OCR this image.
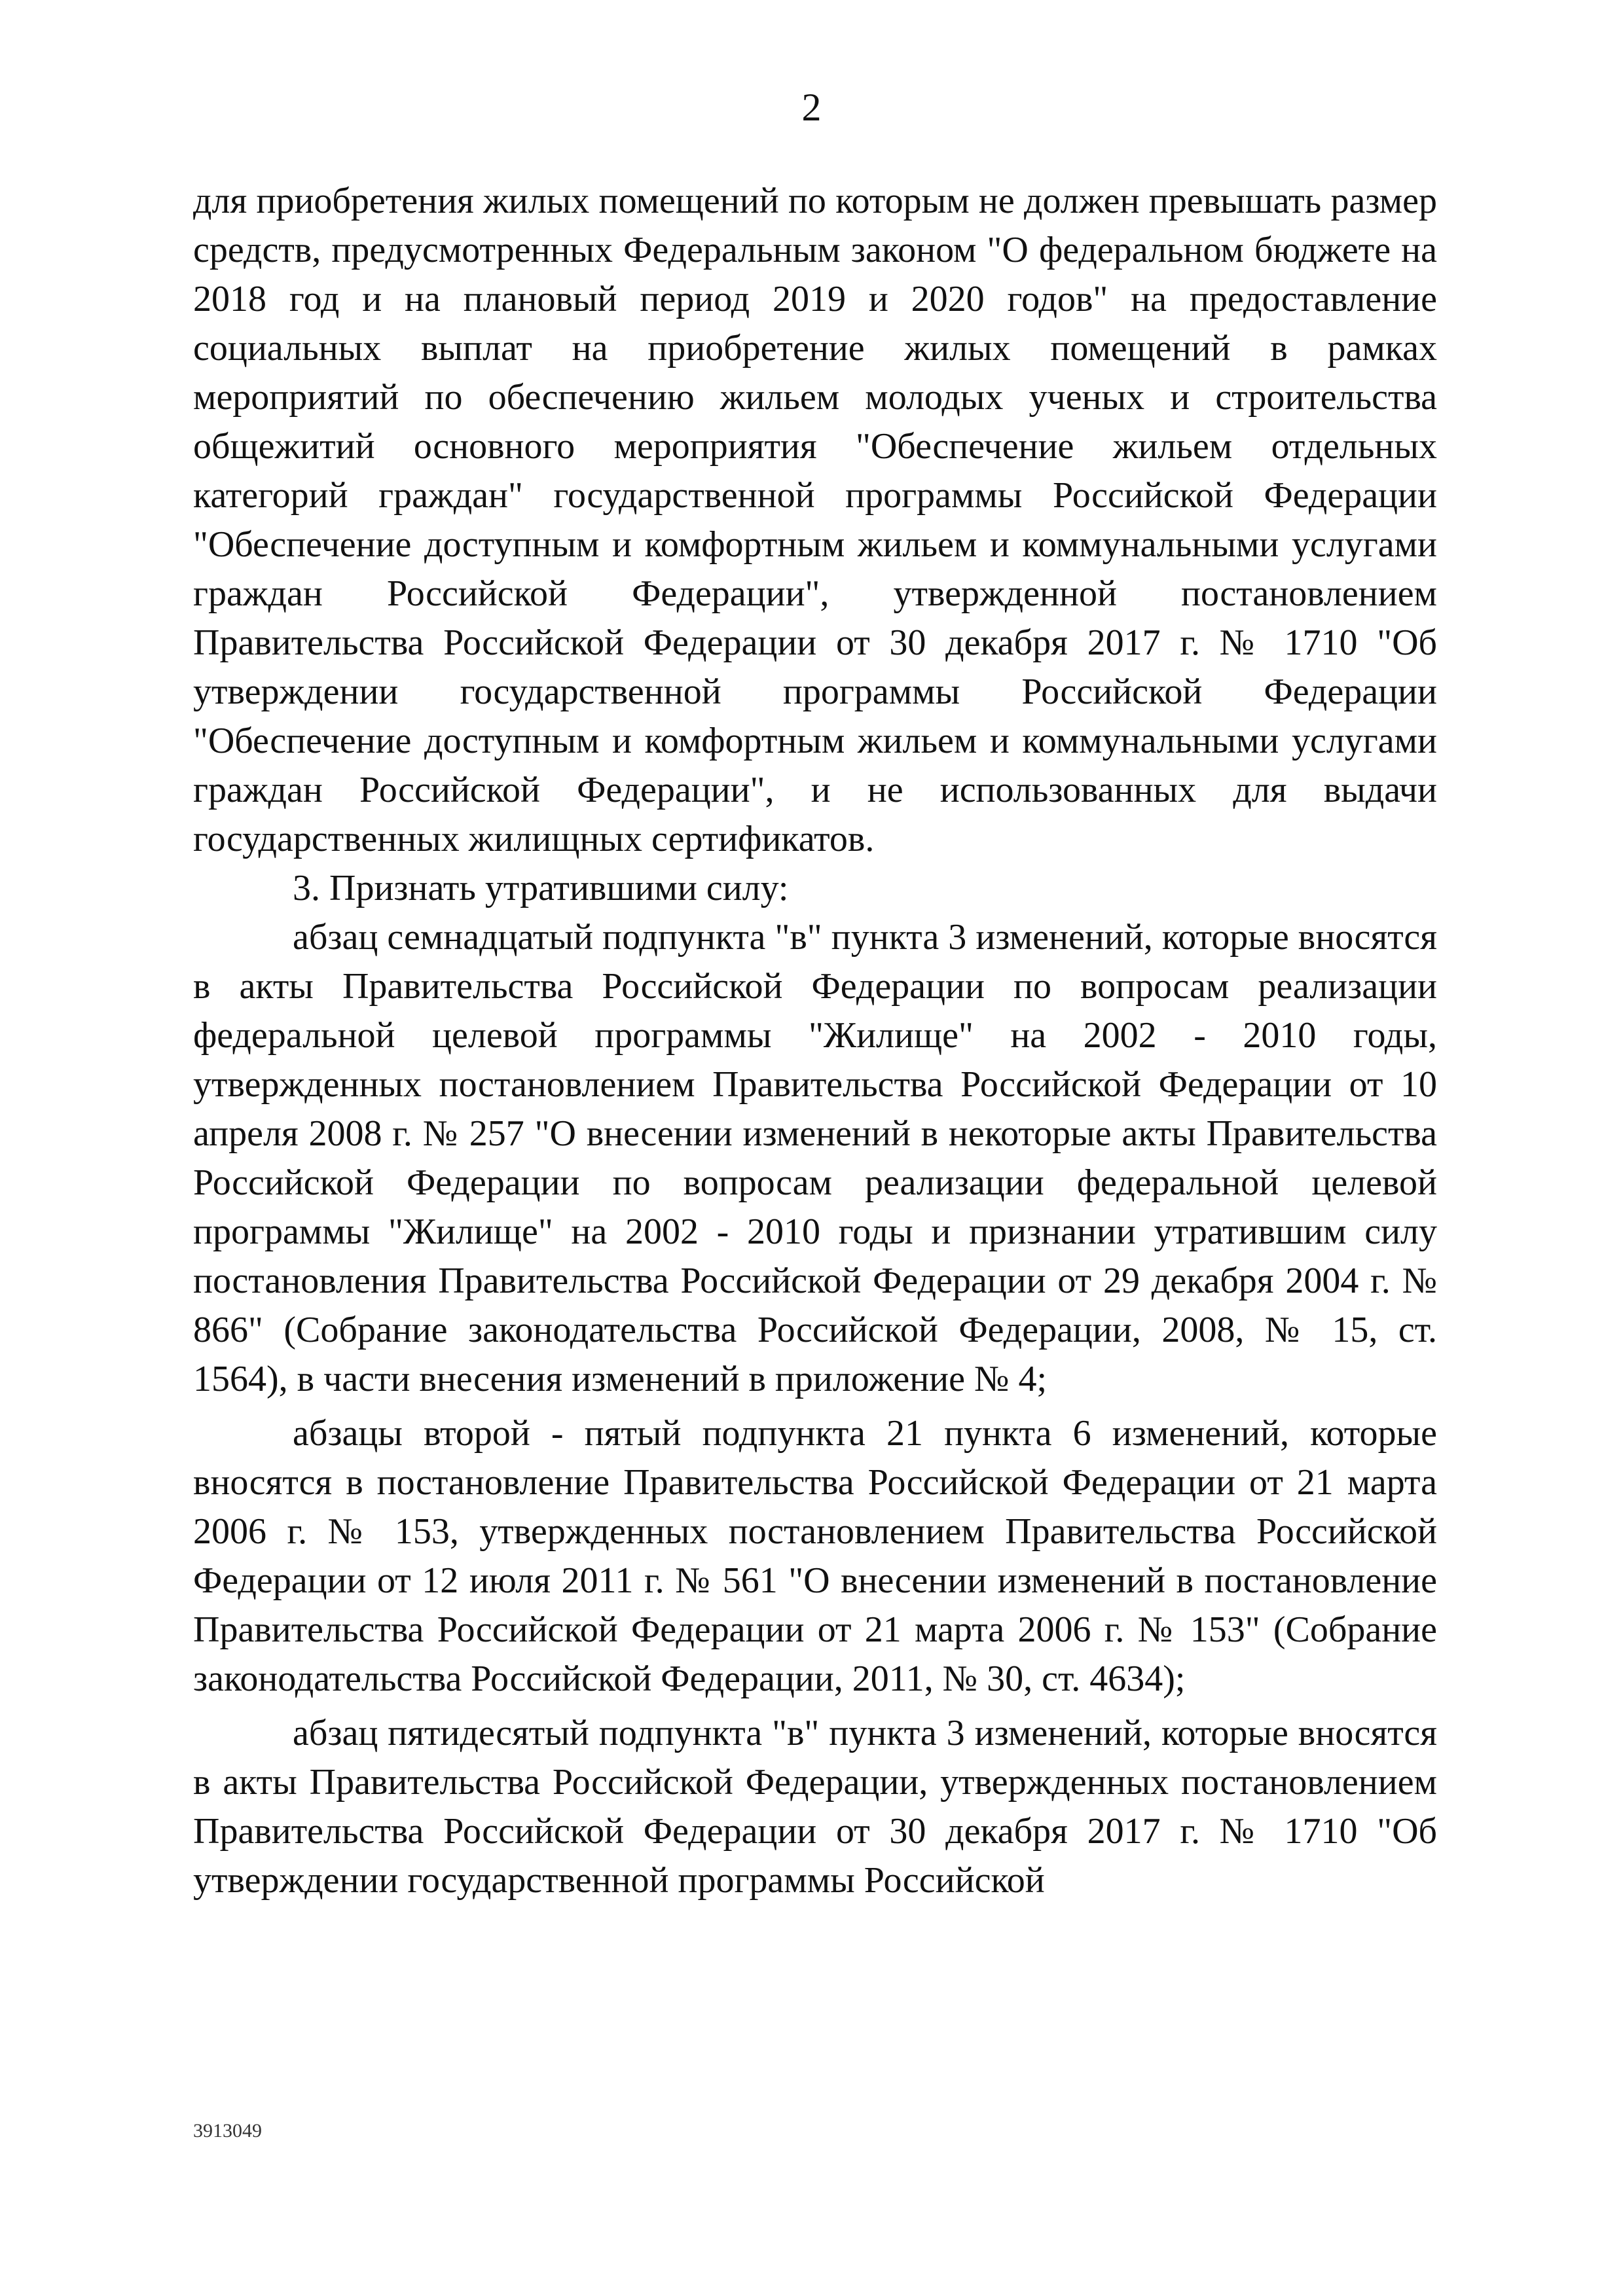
2

для приобретения жилых помещений по которым не должен превышать размер средств, предусмотренных Федеральным законом "О федеральном бюджете на 2018 год и на плановый период 2019 и 2020 годов" на предоставление социальных выплат на приобретение жилых помещений в рамках мероприятий по обеспечению жильем молодых ученых и строительства общежитий основного мероприятия "Обеспечение жильем отдельных категорий граждан" государственной программы Российской Федерации "Обеспечение доступным и комфортным жильем и коммунальными услугами граждан Российской Федерации", утвержденной постановлением Правительства Российской Федерации от 30 декабря 2017 г. № 1710 "Об утверждении государственной программы Российской Федерации "Обеспечение доступным и комфортным жильем и коммунальными услугами граждан Российской Федерации", и не использованных для выдачи государственных жилищных сертификатов.

3. Признать утратившими силу:

абзац семнадцатый подпункта "в" пункта 3 изменений, которые вносятся в акты Правительства Российской Федерации по вопросам реализации федеральной целевой программы "Жилище" на 2002 - 2010 годы, утвержденных постановлением Правительства Российской Федерации от 10 апреля 2008 г. № 257 "О внесении изменений в некоторые акты Правительства Российской Федерации по вопросам реализации федеральной целевой программы "Жилище" на 2002 - 2010 годы и признании утратившим силу постановления Правительства Российской Федерации от 29 декабря 2004 г. № 866" (Собрание законодательства Российской Федерации, 2008, № 15, ст. 1564), в части внесения изменений в приложение № 4;

абзацы второй - пятый подпункта 21 пункта 6 изменений, которые вносятся в постановление Правительства Российской Федерации от 21 марта 2006 г. № 153, утвержденных постановлением Правительства Российской Федерации от 12 июля 2011 г. № 561 "О внесении изменений в постановление Правительства Российской Федерации от 21 марта 2006 г. № 153" (Собрание законодательства Российской Федерации, 2011, № 30, ст. 4634);

абзац пятидесятый подпункта "в" пункта 3 изменений, которые вносятся в акты Правительства Российской Федерации, утвержденных постановлением Правительства Российской Федерации от 30 декабря 2017 г. № 1710 "Об утверждении государственной программы Российской

3913049
